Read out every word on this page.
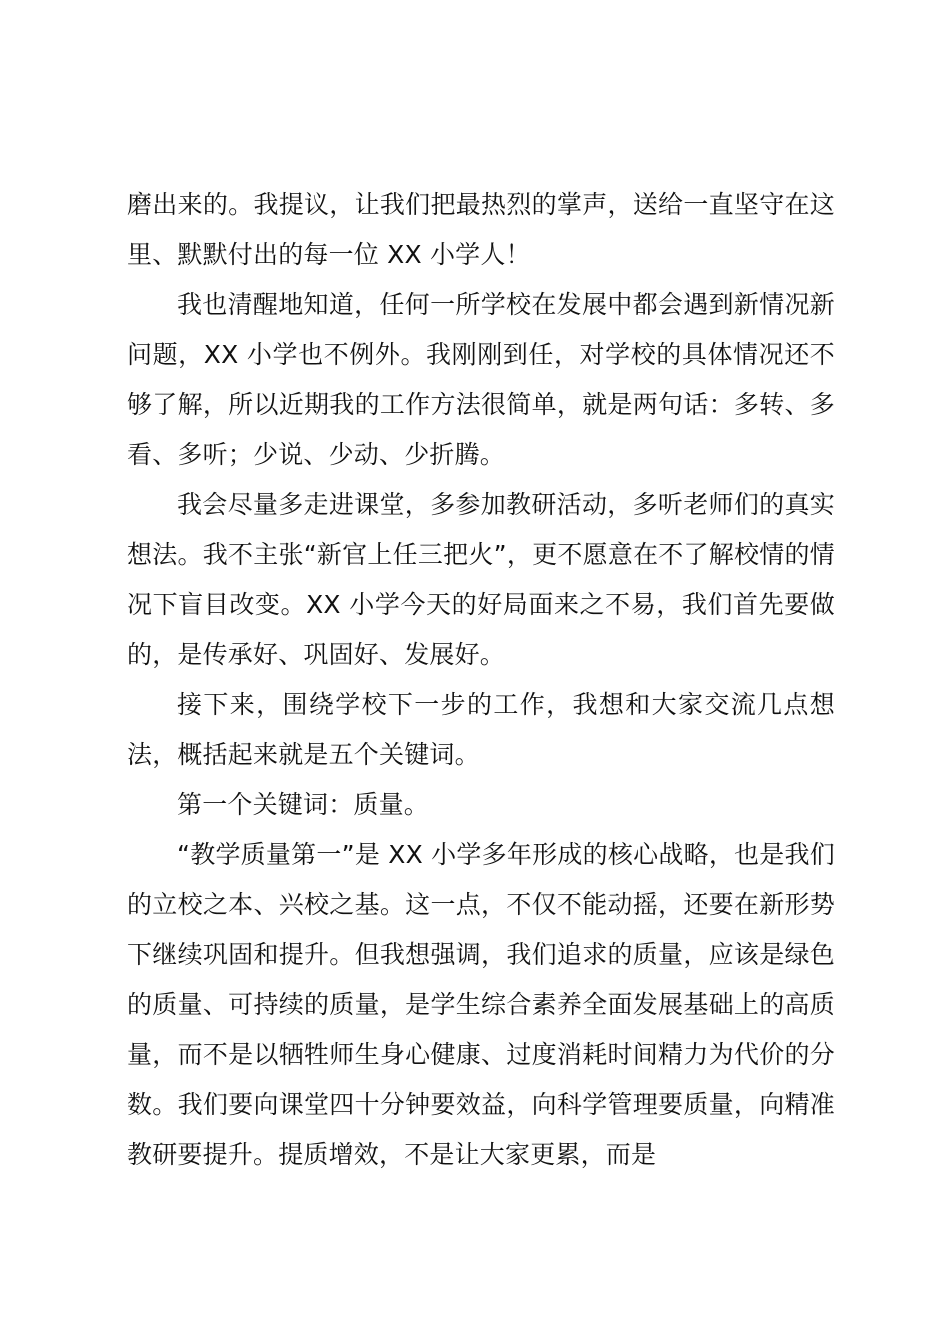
磨出来的。我提议，让我们把最热烈的掌声，送给一直坚守在这里、默默付出的每一位 XX 小学人！

我也清醒地知道，任何一所学校在发展中都会遇到新情况新问题，XX 小学也不例外。我刚刚到任，对学校的具体情况还不够了解，所以近期我的工作方法很简单，就是两句话：多转、多看、多听；少说、少动、少折腾。

我会尽量多走进课堂，多参加教研活动，多听老师们的真实想法。我不主张“新官上任三把火”，更不愿意在不了解校情的情况下盲目改变。XX 小学今天的好局面来之不易，我们首先要做的，是传承好、巩固好、发展好。

接下来，围绕学校下一步的工作，我想和大家交流几点想法，概括起来就是五个关键词。

第一个关键词：质量。

“教学质量第一”是 XX 小学多年形成的核心战略，也是我们的立校之本、兴校之基。这一点，不仅不能动摇，还要在新形势下继续巩固和提升。但我想强调，我们追求的质量，应该是绿色的质量、可持续的质量，是学生综合素养全面发展基础上的高质量，而不是以牺牲师生身心健康、过度消耗时间精力为代价的分数。我们要向课堂四十分钟要效益，向科学管理要质量，向精准教研要提升。提质增效，不是让大家更累，而是
